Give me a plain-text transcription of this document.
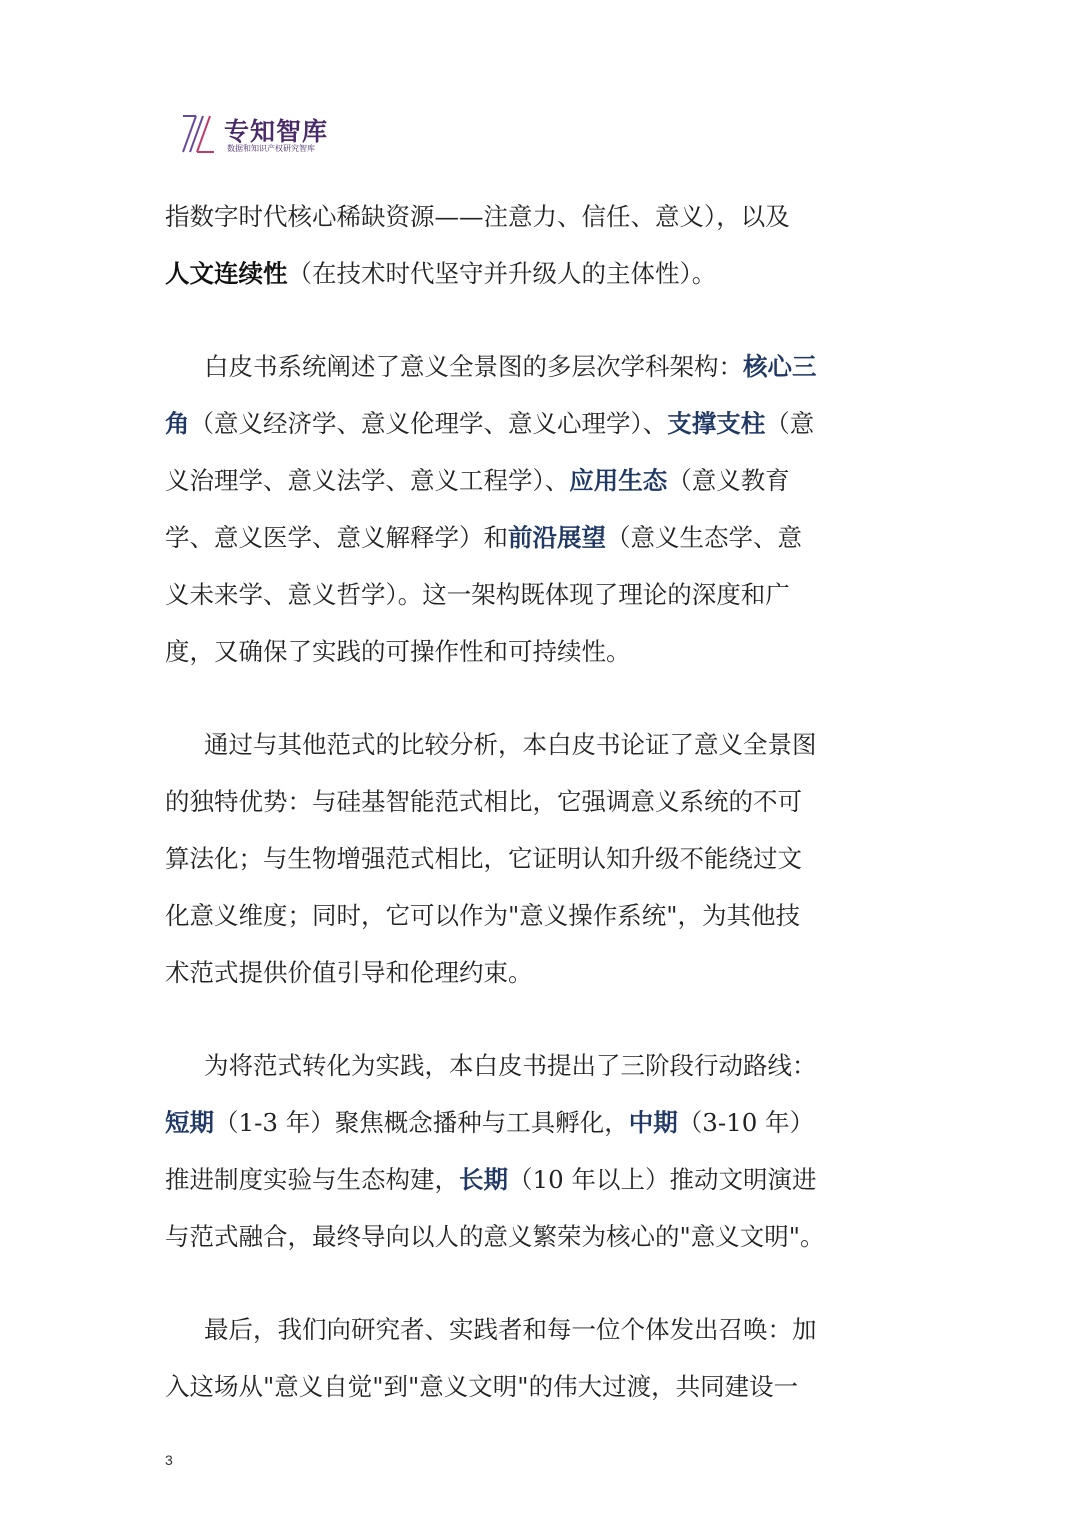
专知智库
数据和知识产权研究智库
指数字时代核心稀缺资源——注意力、信任、意义），以及
人文连续性（在技术时代坚守并升级人的主体性）。
白皮书系统阐述了意义全景图的多层次学科架构：核心三
角（意义经济学、意义伦理学、意义心理学）、支撑支柱（意
义治理学、意义法学、意义工程学）、应用生态（意义教育
学、意义医学、意义解释学）和前沿展望（意义生态学、意
义未来学、意义哲学）。这一架构既体现了理论的深度和广
度，又确保了实践的可操作性和可持续性。
通过与其他范式的比较分析，本白皮书论证了意义全景图
的独特优势：与硅基智能范式相比，它强调意义系统的不可
算法化；与生物增强范式相比，它证明认知升级不能绕过文
化意义维度；同时，它可以作为"意义操作系统"，为其他技
术范式提供价值引导和伦理约束。
为将范式转化为实践，本白皮书提出了三阶段行动路线：
短期（1-3 年）聚焦概念播种与工具孵化，中期（3-10 年）
推进制度实验与生态构建，长期（10 年以上）推动文明演进
与范式融合，最终导向以人的意义繁荣为核心的"意义文明"。
最后，我们向研究者、实践者和每一位个体发出召唤：加
入这场从"意义自觉"到"意义文明"的伟大过渡，共同建设一
3
